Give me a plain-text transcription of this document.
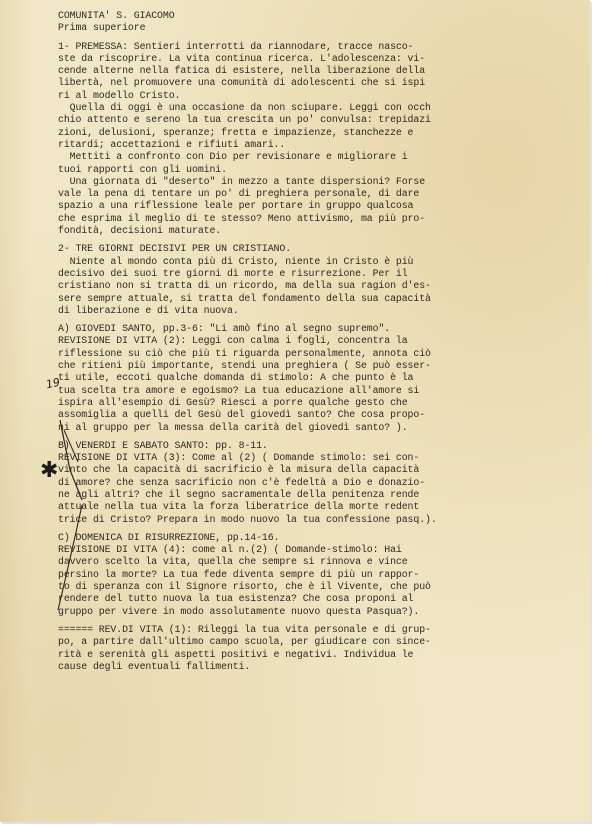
COMUNITA' S. GIACOMO
Prima superiore
1- PREMESSA: Sentieri interrotti da riannodare, tracce nasco-
ste da riscoprire. La vita continua ricerca. L'adolescenza: vi-
cende alterne nella fatica di esistere, nella liberazione della
libertà, nel promuovere una comunità di adolescenti che si ispi
ri al modello Cristo.
Quella di oggi è una occasione da non sciupare. Leggi con occh
chio attento e sereno la tua crescita un po' convulsa: trepidazi
zioni, delusioni, speranze; fretta e impazienze, stanchezze e
ritardi; accettazioni e rifiuti amari..
Mettiti a confronto con Dio per revisionare e migliorare i
tuoi rapporti con gli uomini.
Una giornata di "deserto" in mezzo a tante dispersioni? Forse
vale la pena di tentare un po' di preghiera personale, di dare
spazio a una riflessione leale per portare in gruppo qualcosa
che esprima il meglio di te stesso? Meno attivismo, ma più pro-
fondità, decisioni maturate.
2- TRE GIORNI DECISIVI PER UN CRISTIANO.
Niente al mondo conta più di Cristo, niente in Cristo è più
decisivo dei suoi tre giorni di morte e risurrezione. Per il
cristiano non si tratta di un ricordo, ma della sua ragion d'es-
sere sempre attuale, si tratta del fondamento della sua capacità
di liberazione e di vita nuova.
A) GIOVEDI SANTO, pp.3-6: "Li amò fino al segno supremo".
REVISIONE DI VITA (2): Leggi con calma i fogli, concentra la
riflessione su ciò che più ti riguarda personalmente, annota ciò
che ritieni più importante, stendi una preghiera ( Se può esser-
ti utile, eccoti qualche domanda di stimolo: A che punto è la
tua scelta tra amore e egoismo? La tua educazione all'amore si
ispira all'esempio di Gesù? Riesci a porre qualche gesto che
assomiglia a quelli del Gesù del giovedì santo? Che cosa propo-
ni al gruppo per la messa della carità del giovedì santo? ).
B) VENERDI E SABATO SANTO: pp. 8-11.
REVISIONE DI VITA (3): Come al (2) ( Domande stimolo: sei con-
vinto che la capacità di sacrificio è la misura della capacità
di amore? che senza sacrificio non c'è fedeltà a Dio e donazio-
ne agli altri? che il segno sacramentale della penitenza rende
attuale nella tua vita la forza liberatrice della morte redent
trice di Cristo? Prepara in modo nuovo la tua confessione pasq.).
C) DOMENICA DI RISURREZIONE, pp.14-16.
REVISIONE DI VITA (4): come al n.(2) ( Domande-stimolo: Hai
davvero scelto la vita, quella che sempre si rinnova e vince
persino la morte? La tua fede diventa sempre di più un rappor-
to di speranza con il Signore risorto, che è il Vivente, che può
rendere del tutto nuova la tua esistenza? Che cosa proponi al
gruppo per vivere in modo assolutamente nuovo questa Pasqua?).
====== REV.DI VITA (1): Rileggi la tua vita personale e di grup-
po, a partire dall'ultimo campo scuola, per giudicare con since-
rità e serenità gli aspetti positivi e negativi. Individua le
cause degli eventuali fallimenti.
19
✱
